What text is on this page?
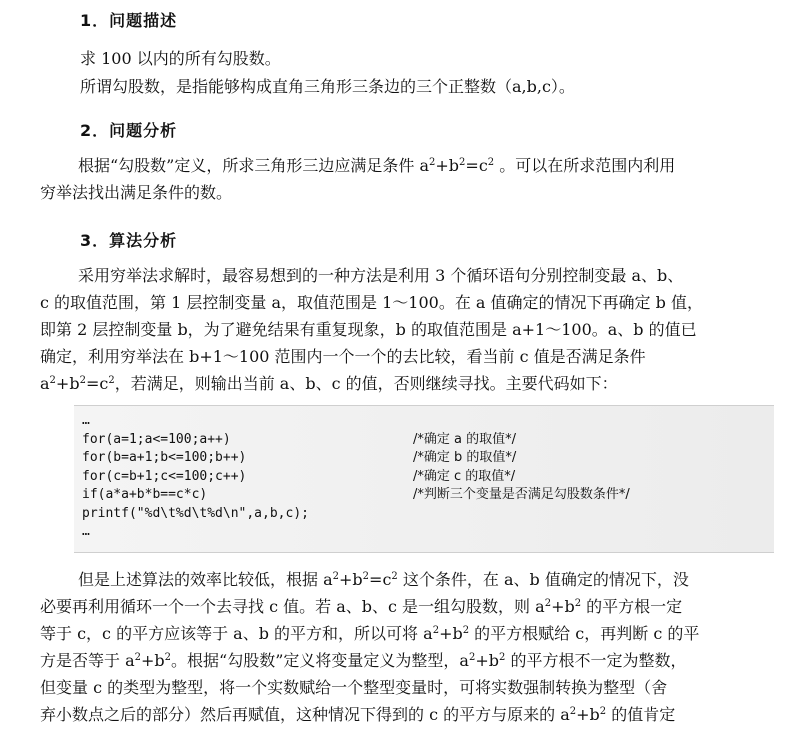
1．问题描述
求 100 以内的所有勾股数。
所谓勾股数，是指能够构成直角三角形三条边的三个正整数（a,b,c）。
2．问题分析
根据“勾股数”定义，所求三角形三边应满足条件 $a^2+b^2=c^2$ 。可以在所求范围内利用
穷举法找出满足条件的数。
3．算法分析
采用穷举法求解时，最容易想到的一种方法是利用 3 个循环语句分别控制变最 a、b、
c 的取值范围，第 1 层控制变量 a，取值范围是 1～100。在 a 值确定的情况下再确定 b 值，
即第 2 层控制变量 b，为了避免结果有重复现象，b 的取值范围是 a+1～100。a、b 的值已
确定，利用穷举法在 b+1～100 范围内一个一个的去比较，看当前 c 值是否满足条件
$a^2+b^2=c^2$，若满足，则输出当前 a、b、c 的值，否则继续寻找。主要代码如下：
…
for(a=1;a<=100;a++)
for(b=a+1;b<=100;b++)
for(c=b+1;c<=100;c++)
if(a*a+b*b==c*c)
printf("%d\t%d\t%d\n",a,b,c);
…
/*确定 a 的取值*/
/*确定 b 的取值*/
/*确定 c 的取值*/
/*判断三个变量是否满足勾股数条件*/
但是上述算法的效率比较低，根据 $a^2+b^2=c^2$ 这个条件，在 a、b 值确定的情况下，没
必要再利用循环一个一个去寻找 c 值。若 a、b、c 是一组勾股数，则 $a^2+b^2$ 的平方根一定
等于 c，c 的平方应该等于 a、b 的平方和，所以可将 $a^2+b^2$ 的平方根赋给 c，再判断 c 的平
方是否等于 $a^2+b^2$。根据“勾股数”定义将变量定义为整型，$a^2+b^2$ 的平方根不一定为整数，
但变量 c 的类型为整型，将一个实数赋给一个整型变量时，可将实数强制转换为整型（舍
弃小数点之后的部分）然后再赋值，这种情况下得到的 c 的平方与原来的 $a^2+b^2$ 的值肯定
